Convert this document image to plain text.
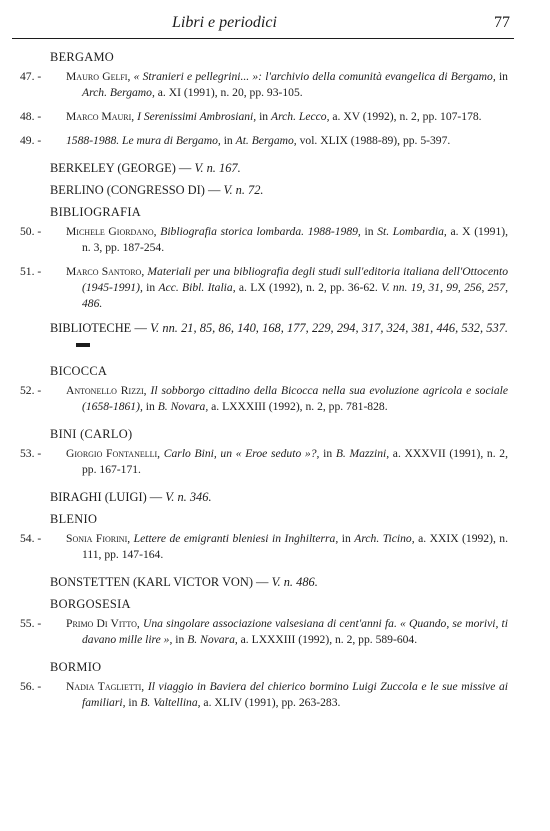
Libri e periodici	77
BERGAMO
47. - Mauro Gelfi, « Stranieri e pellegrini... »: l'archivio della comunità evangelica di Bergamo, in Arch. Bergamo, a. XI (1991), n. 20, pp. 93-105.
48. - Marco Mauri, I Serenissimi Ambrosiani, in Arch. Lecco, a. XV (1992), n. 2, pp. 107-178.
49. - 1588-1988. Le mura di Bergamo, in At. Bergamo, vol. XLIX (1988-89), pp. 5-397.
BERKELEY (GEORGE) — V. n. 167.
BERLINO (CONGRESSO DI) — V. n. 72.
BIBLIOGRAFIA
50. - Michele Giordano, Bibliografia storica lombarda. 1988-1989, in St. Lombardia, a. X (1991), n. 3, pp. 187-254.
51. - Marco Santoro, Materiali per una bibliografia degli studi sull'editoria italiana dell'Ottocento (1945-1991), in Acc. Bibl. Italia, a. LX (1992), n. 2, pp. 36-62. V. nn. 19, 31, 99, 256, 257, 486.
BIBLIOTECHE — V. nn. 21, 85, 86, 140, 168, 177, 229, 294, 317, 324, 381, 446, 532, 537.
BICOCCA
52. - Antonello Rizzi, Il sobborgo cittadino della Bicocca nella sua evoluzione agricola e sociale (1658-1861), in B. Novara, a. LXXXIII (1992), n. 2, pp. 781-828.
BINI (CARLO)
53. - Giorgio Fontanelli, Carlo Bini, un « Eroe seduto »?, in B. Mazzini, a. XXXVII (1991), n. 2, pp. 167-171.
BIRAGHI (LUIGI) — V. n. 346.
BLENIO
54. - Sonia Fiorini, Lettere de emigranti bleniesi in Inghilterra, in Arch. Ticino, a. XXIX (1992), n. 111, pp. 147-164.
BONSTETTEN (KARL VICTOR VON) — V. n. 486.
BORGOSESIA
55. - Primo Di Vitto, Una singolare associazione valsesiana di cent'anni fa. « Quando, se morivi, ti davano mille lire », in B. Novara, a. LXXXIII (1992), n. 2, pp. 589-604.
BORMIO
56. - Nadia Taglietti, Il viaggio in Baviera del chierico bormino Luigi Zuccola e le sue missive ai familiari, in B. Valtellina, a. XLIV (1991), pp. 263-283.
